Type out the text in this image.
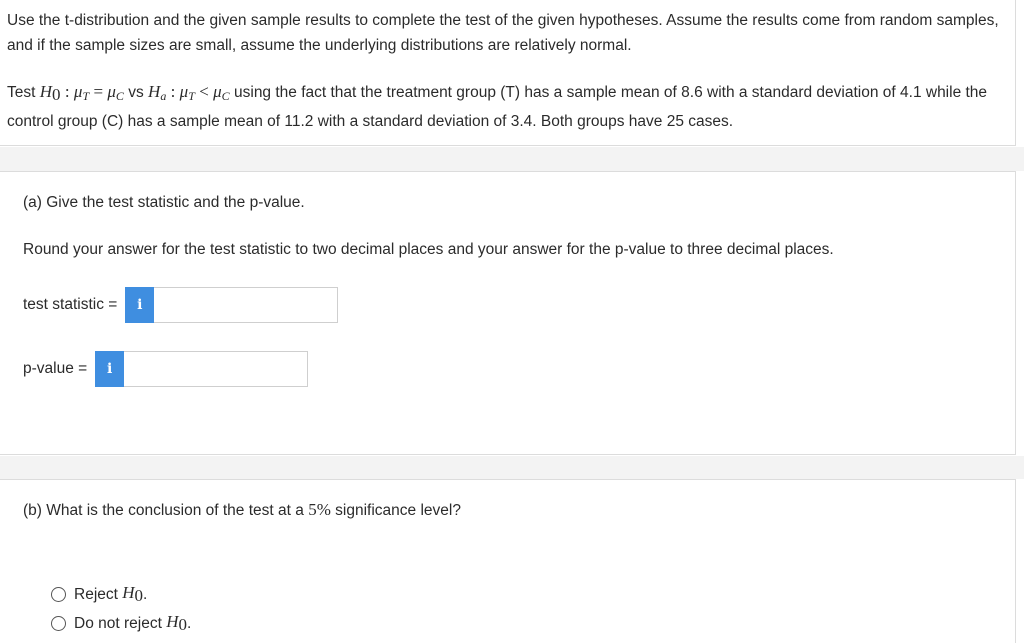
Use the t-distribution and the given sample results to complete the test of the given hypotheses. Assume the results come from random samples, and if the sample sizes are small, assume the underlying distributions are relatively normal.

Test $H_0$ : $\mu_T = \mu_C$ vs $H_a$ : $\mu_T < \mu_C$ using the fact that the treatment group (T) has a sample mean of 8.6 with a standard deviation of 4.1 while the control group (C) has a sample mean of 11.2 with a standard deviation of 3.4. Both groups have 25 cases.

(a) Give the test statistic and the p-value.
Round your answer for the test statistic to two decimal places and your answer for the p-value to three decimal places.
test statistic =	i
p-value =	i
(b) What is the conclusion of the test at a 5% significance level?
Reject
$H_0$ .
Do not reject
$H_0$ .
